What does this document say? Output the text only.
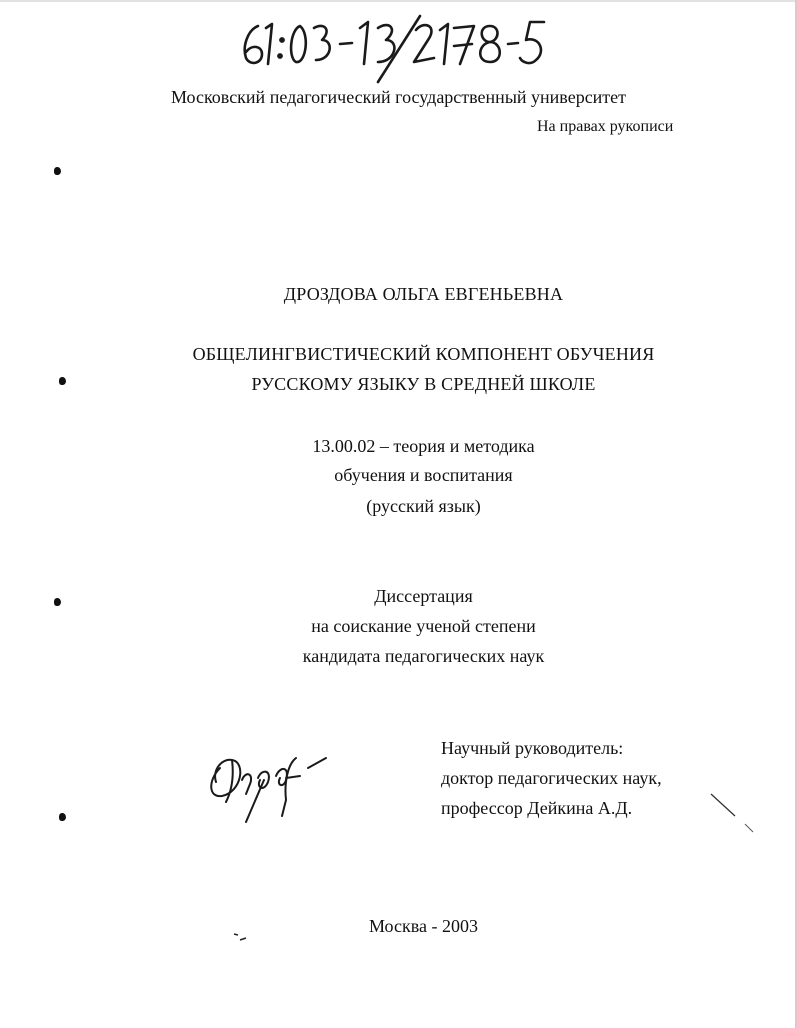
Московский педагогический государственный университет
На правах рукописи
ДРОЗДОВА ОЛЬГА ЕВГЕНЬЕВНА
ОБЩЕЛИНГВИСТИЧЕСКИЙ КОМПОНЕНТ ОБУЧЕНИЯ
РУССКОМУ ЯЗЫКУ В СРЕДНЕЙ ШКОЛЕ
13.00.02 – теория и методика
обучения и воспитания
(русский язык)
Диссертация
на соискание ученой степени
кандидата педагогических наук
Научный руководитель:
доктор педагогических наук,
профессор Дейкина А.Д.
Москва - 2003
